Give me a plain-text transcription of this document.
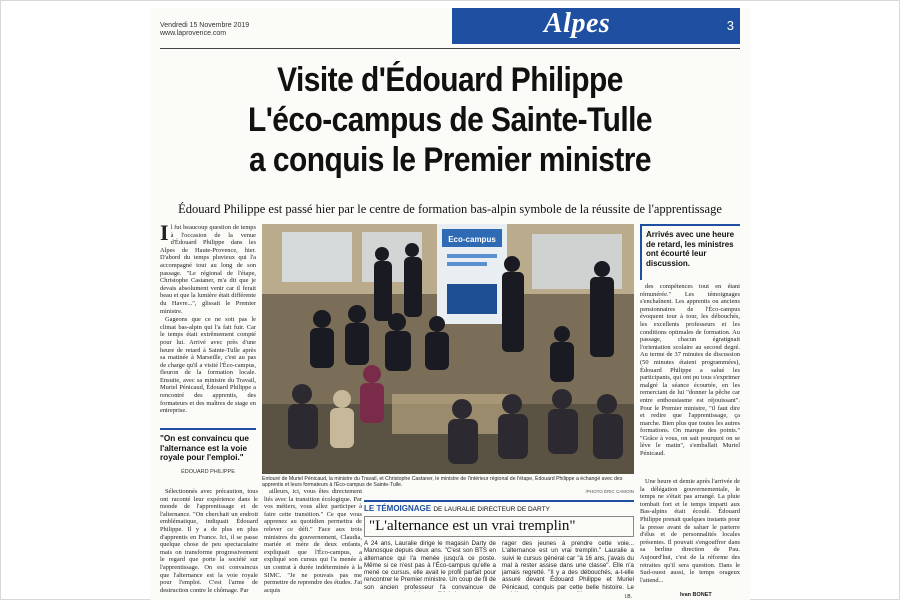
Vendredi 15 Novembre 2019
www.laprovence.com	Alpes	3
Visite d'Édouard Philippe
L'éco-campus de Sainte-Tulle
a conquis le Premier ministre
Édouard Philippe est passé hier par le centre de formation bas-alpin symbole de la réussite de l'apprentissage

Il fut beaucoup question de temps à l'occasion de la venue d'Édouard Philippe dans les Alpes de Haute-Provence, hier. D'abord du temps pluvieux qui l'a accompagné tout au long de son passage. "Le régional de l'étape, Christophe Castaner, m'a dit que je devais absolument venir car il ferait beau et que la lumière était différente du Havre...", glissait le Premier ministre.

Gageons que ce ne soit pas le climat bas-alpin qui l'a fait fuir. Car le temps était extrêmement compté pour lui. Arrivé avec près d'une heure de retard à Sainte-Tulle après sa matinée à Marseille, c'est au pas de charge qu'il a visité l'Éco-campus, fleuron de la formation locale. Ensuite, avec sa ministre du Travail, Muriel Pénicaud, Édouard Philippe a rencontré des apprentis, des formateurs et des maîtres de stage en entreprise.

"On est convaincu que l'alternance est la voie royale pour l'emploi."
ÉDOUARD PHILIPPE
Eco-campus
Entouré de Muriel Pénicaud, la ministre du Travail, et Christophe Castaner, le ministre de l'intérieur régional de l'étape, Édouard Philippe a échangé avec des apprentis et leurs formateurs à l'Éco-campus de Sainte-Tulle.
/PHOTO ÉRIC CAMOIN
Arrivés avec une heure de retard, les ministres ont écourté leur discussion.

des compétences tout en étant rémunérée." Les témoignages s'enchaînent. Les apprentis ou anciens pensionnaires de l'Éco-campus évoquent tour à tour, les débouchés, les excellents professeurs et les conditions optimales de formation. Au passage, chacun égratignait l'orientation scolaire au second degré. Au terme de 37 minutes de discussion (50 minutes étaient programmées), Édouard Philippe a salué les participants, qui ont pu tous s'exprimer malgré la séance écourtée, en les remerciant de lui "donner la pêche car entre enthousiasme est réjouissant". Pour le Premier ministre, "il faut dire et redire que l'apprentissage, ça marche. Bien plus que toutes les autres formations. On marque des points." "Grâce à vous, on sait pourquoi on se lève le matin", s'emballait Muriel Pénicaud.

Une heure et demie après l'arrivée de la délégation gouvernementale, le temps ne s'était pas arrangé. La pluie tombait fort et le temps imparti aux Bas-alpins était écoulé. Édouard Philippe prenait quelques instants pour la presse avant de saluer le parterre d'élus et de personnalités locales présentes. Il pouvait s'engouffrer dans sa berline direction de Pau. Aujourd'hui, c'est de la réforme des retraites qu'il sera question. Dans le Sud-ouest aussi, le temps orageux l'attend...

Sélectionnés avec précaution, tous ont raconté leur expérience dans le monde de l'apprentissage et de l'alternance. "On cherchait un endroit emblématique, indiquait Édouard Philippe. Il y a de plus en plus d'apprentis en France. Ici, il se passe quelque chose de peu spectaculaire mais on transforme progressivement le regard que porte la société sur l'apprentissage. On est convaincus que l'alternance est la voie royale pour l'emploi. C'est l'arme de destruction contre le chômage. Par

ailleurs, ici, vous êtes directement liés avec la transition écologique. Par vos métiers, vous allez participer à faire cette transition." Ce que vous apprenez au quotidien permettra de relever ce défi." Face aux trois ministres du gouvernement, Claudia, mariée et mère de deux enfants, expliquait que l'Éco-campus, a expliqué son cursus qui l'a menée à un contrat à durée indéterminée à la SIMC. "Je ne pouvais pas me permettre de reprendre des études. J'ai acquis

LE TÉMOIGNAGE DE LAURALIE DIRECTEUR DE DARTY
"L'alternance est un vrai tremplin"
À 24 ans, Lauralie dirige le magasin Darty de Manosque depuis deux ans. "C'est son BTS en alternance qui l'a menée jusqu'à ce poste. Même si ce n'est pas à l'Éco-campus qu'elle a mené ce cursus, elle avait le profil parfait pour rencontrer le Premier ministre. Un coup de fil de son ancien professeur l'a convaincue de
rager des jeunes à prendre cette voie... L'alternance est un vrai tremplin." Lauralie a suivi le cursus général car "à 16 ans, j'avais du mal à rester assise dans une classe". Elle n'a jamais regretté. "Il y a des débouchés, a-t-elle assuré devant Édouard Philippe et Muriel Pénicaud, conquis par cette belle histoire. Le
I.B.	Ivan BONET
